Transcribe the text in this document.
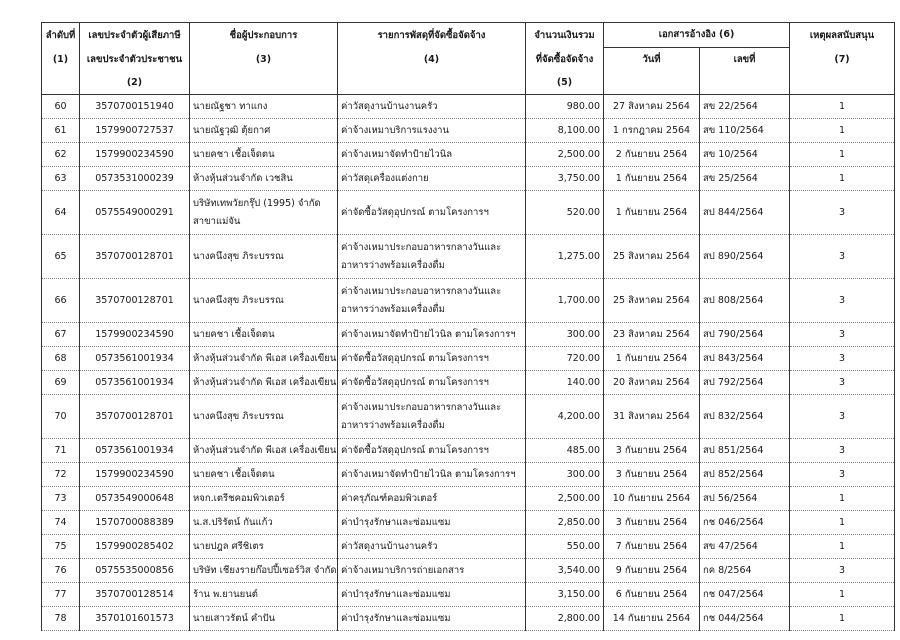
ลำดับที่	เลขประจำตัวผู้เสียภาษี	ชื่อผู้ประกอบการ	รายการพัสดุที่จัดซื้อจัดจ้าง	จำนวนเงินรวม	เอกสารอ้างอิง (6)		เหตุผลสนับสนุน
(1)	เลขประจำตัวประชาชน	(3)	(4)	ที่จัดซื้อจัดจ้าง	วันที่	เลขที่	(7)
	(2)			(5)			
60	3570700151940	นายณัฐชา ทาแกง	ค่าวัสดุงานบ้านงานครัว	980.00	27 สิงหาคม 2564	สข 22/2564	1
61	1579900727537	นายณัฐวุฒิ ตุ้ยกาศ	ค่าจ้างเหมาบริการแรงงาน	8,100.00	1 กรกฎาคม 2564	สข 110/2564	1
62	1579900234590	นายคชา เชื้อเจ็ดตน	ค่าจ้างเหมาจัดทำป้ายไวนิล	2,500.00	2 กันยายน 2564	สข 10/2564	1
63	0573531000239	ห้างหุ้นส่วนจำกัด เวชสิน	ค่าวัสดุเครื่องแต่งกาย	3,750.00	1 กันยายน 2564	สข 25/2564	1
64	0575549000291	บริษัทเทพวัยกรุ๊ป (1995) จำกัด
สาขาแม่จัน	ค่าจัดซื้อวัสดุอุปกรณ์ ตามโครงการฯ	520.00	1 กันยายน 2564	สป 844/2564	3
65	3570700128701	นางคนึงสุข ภิระบรรณ	ค่าจ้างเหมาประกอบอาหารกลางวันและ
อาหารว่างพร้อมเครื่องดื่ม	1,275.00	25 สิงหาคม 2564	สป 890/2564	3
66	3570700128701	นางคนึงสุข ภิระบรรณ	ค่าจ้างเหมาประกอบอาหารกลางวันและ
อาหารว่างพร้อมเครื่องดื่ม	1,700.00	25 สิงหาคม 2564	สป 808/2564	3
67	1579900234590	นายคชา เชื้อเจ็ดตน	ค่าจ้างเหมาจัดทำป้ายไวนิล ตามโครงการฯ	300.00	23 สิงหาคม 2564	สป 790/2564	3
68	0573561001934	ห้างหุ้นส่วนจำกัด พีเอส เครื่องเขียน	ค่าจัดซื้อวัสดุอุปกรณ์ ตามโครงการฯ	720.00	1 กันยายน 2564	สป 843/2564	3
69	0573561001934	ห้างหุ้นส่วนจำกัด พีเอส เครื่องเขียน	ค่าจัดซื้อวัสดุอุปกรณ์ ตามโครงการฯ	140.00	20 สิงหาคม 2564	สป 792/2564	3
70	3570700128701	นางคนึงสุข ภิระบรรณ	ค่าจ้างเหมาประกอบอาหารกลางวันและ
อาหารว่างพร้อมเครื่องดื่ม	4,200.00	31 สิงหาคม 2564	สป 832/2564	3
71	0573561001934	ห้างหุ้นส่วนจำกัด พีเอส เครื่องเขียน	ค่าจัดซื้อวัสดุอุปกรณ์ ตามโครงการฯ	485.00	3 กันยายน 2564	สป 851/2564	3
72	1579900234590	นายคชา เชื้อเจ็ดตน	ค่าจ้างเหมาจัดทำป้ายไวนิล ตามโครงการฯ	300.00	3 กันยายน 2564	สป 852/2564	3
73	0573549000648	หจก.เตรีชคอมพิวเตอร์	ค่าครุภัณฑ์คอมพิวเตอร์	2,500.00	10 กันยายน 2564	สป 56/2564	1
74	1570700088389	น.ส.ปริรัตน์ กันแก้ว	ค่าบำรุงรักษาและซ่อมแซม	2,850.00	3 กันยายน 2564	กช 046/2564	1
75	1579900285402	นายปฎล ศรีชิเตร	ค่าวัสดุงานบ้านงานครัว	550.00	7 กันยายน 2564	สข 47/2564	1
76	0575535000856	บริษัท เชียงรายก๊อปปี้เซอร์วิส จำกัด	ค่าจ้างเหมาบริการถ่ายเอกสาร	3,540.00	9 กันยายน 2564	กค 8/2564	3
77	3570700128514	ร้าน พ.ยานยนต์	ค่าบำรุงรักษาและซ่อมแซม	3,150.00	6 กันยายน 2564	กช 047/2564	1
78	3570101601573	นายเสาวรัตน์ คำปัน	ค่าบำรุงรักษาและซ่อมแซม	2,800.00	14 กันยายน 2564	กช 044/2564	1
